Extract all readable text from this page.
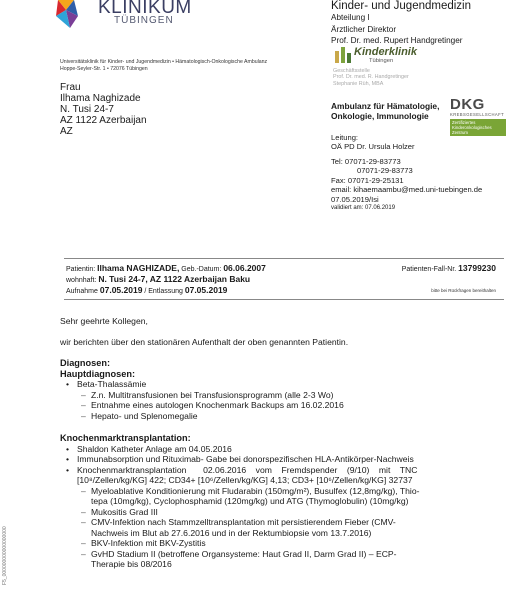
KLINIKUM
TÜBINGEN
Kinder- und Jugendmedizin
Abteilung I
Ärztlicher Direktor
Prof. Dr. med. Rupert Handgretinger
Universitätsklinik für Kinder- und Jugendmedizin • Hämatologisch-Onkologische Ambulanz
Hoppe-Seyler-Str. 1 • 72076 Tübingen
Frau
Ilhama Naghizade
N. Tusi 24-7
AZ 1122 Azerbaijan
AZ
Kinderklinik
Tübingen
Geschäftsstelle
Prof. Dr. med. R. Handgretinger
Stephanie Rüh, MBA
Ambulanz für Hämatologie,
Onkologie, Immunologie
DKG
KREBSGESELLSCHAFT
Zertifiziertes
Kinderonkologisches
Zentrum
Leitung:
OÄ PD Dr. Ursula Holzer
Tel: 07071-29-83773
07071-29-83773
Fax: 07071-29-25131
email: kihaemaambu@med.uni-tuebingen.de
07.05.2019/Isi
validiert am: 07.06.2019
Patientin: Ilhama NAGHIZADE, Geb.-Datum: 06.06.2007
wohnhaft: N. Tusi 24-7, AZ 1122 Azerbaijan Baku
Aufnahme 07.05.2019 / Entlassung 07.05.2019
Patienten-Fall-Nr. 13799230
bitte bei Rückfragen bereithalten
Sehr geehrte Kollegen,
wir berichten über den stationären Aufenthalt der oben genannten Patientin.
Diagnosen:
Hauptdiagnosen:
• Beta-Thalassämie
– Z.n. Multitransfusionen bei Transfusionsprogramm (alle 2-3 Wo)
– Entnahme eines autologen Knochenmark Backups am 16.02.2016
– Hepato- und Splenomegalie
Knochenmarktransplantation:
• Shaldon Katheter Anlage am 04.05.2016
• Immunabsorption und Rituximab- Gabe bei donorspezifischen HLA-Antikörper-Nachweis
• Knochenmarktransplantation       02.06.2016    vom    Fremdspender    (9/10)    mit    TNC
[10⁸/Zellen/kg/KG] 422; CD34+ [10⁶/Zellen/kg/KG] 4,13; CD3+ [10⁶/Zellen/kg/KG] 32737
– Myeloablative Konditionierung mit Fludarabin (150mg/m²), Busulfex (12,8mg/kg), Thio-
tepa (10mg/kg), Cyclophosphamid (120mg/kg) und ATG (Thymoglobulin) (10mg/kg)
– Mukositis Grad III
– CMV-Infektion nach Stammzelltransplantation mit persistierendem Fieber (CMV-
Nachweis im Blut ab 27.6.2016 und in der Rektumbiopsie vom 13.7.2016)
– BKV-Infektion mit BKV-Zystitis
– GvHD Stadium II (betroffene Organsysteme: Haut Grad II, Darm Grad II) – ECP-
Therapie bis 08/2016
F5_000000000000000000
